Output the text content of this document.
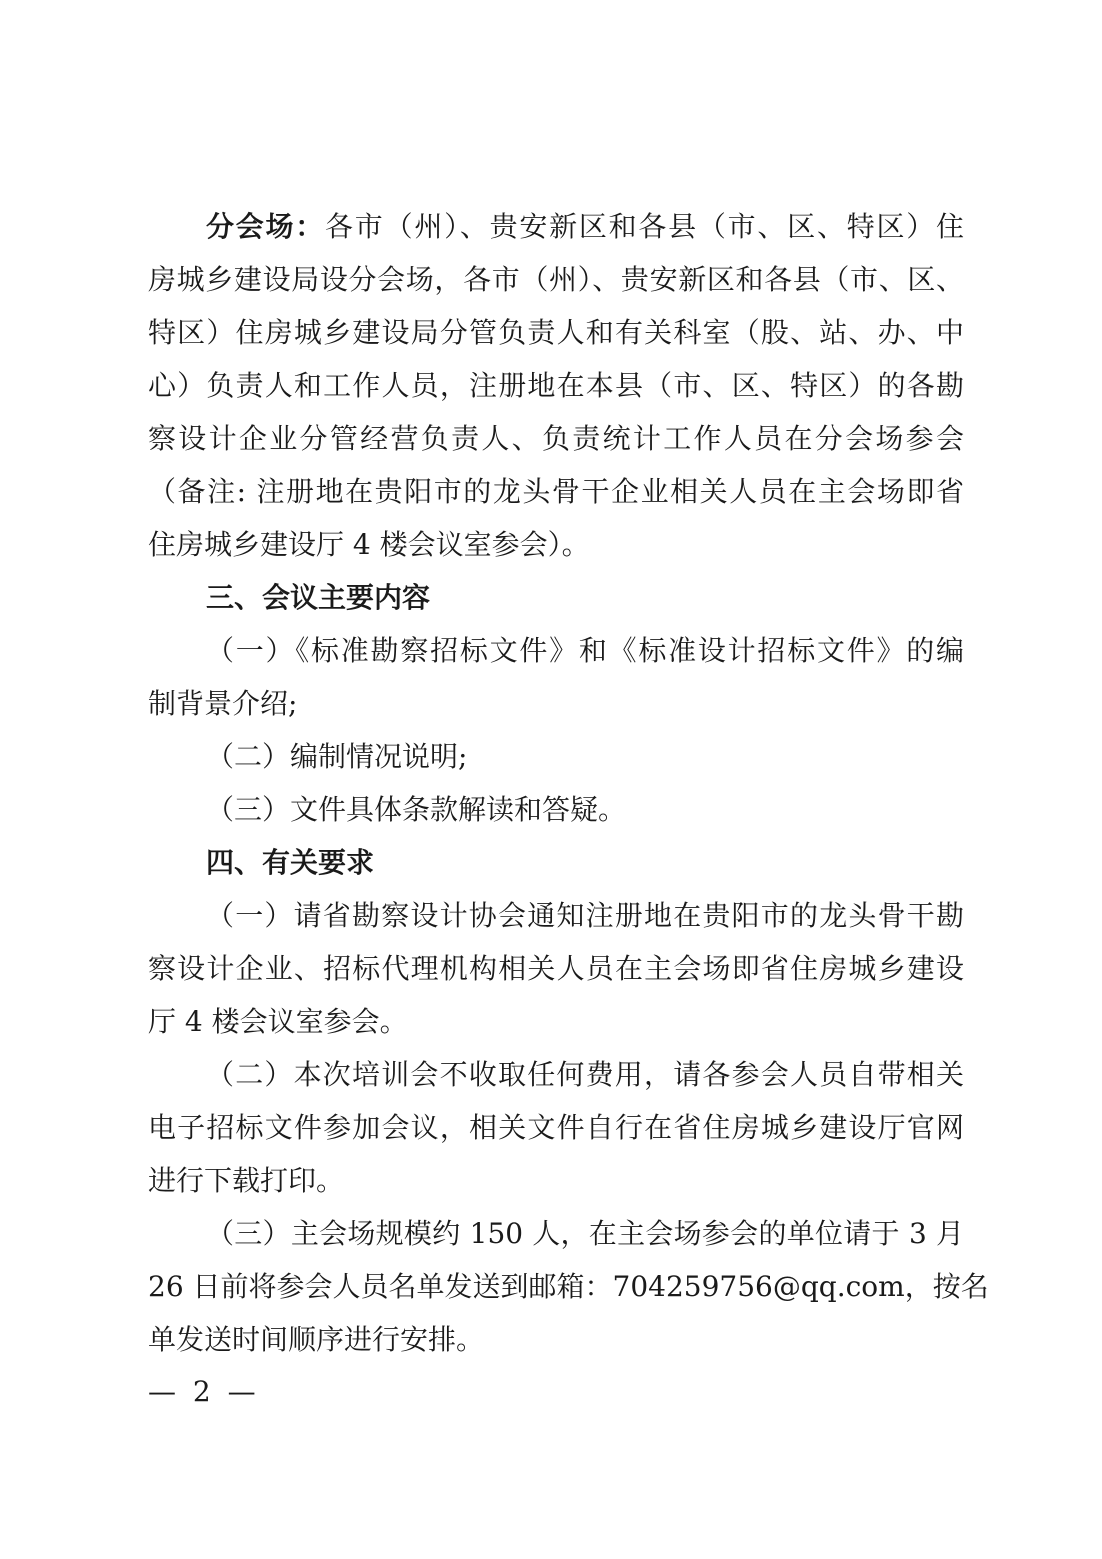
分会场：各市（州）、贵安新区和各县（市、区、特区）住
房城乡建设局设分会场，各市（州）、贵安新区和各县（市、区、
特区）住房城乡建设局分管负责人和有关科室（股、站、办、中
心）负责人和工作人员，注册地在本县（市、区、特区）的各勘
察设计企业分管经营负责人、负责统计工作人员在分会场参会
（备注: 注册地在贵阳市的龙头骨干企业相关人员在主会场即省
住房城乡建设厅 4 楼会议室参会）。

三、会议主要内容

（一）《标准勘察招标文件》和《标准设计招标文件》的编
制背景介绍;

（二）编制情况说明;

（三）文件具体条款解读和答疑。

四、有关要求

（一）请省勘察设计协会通知注册地在贵阳市的龙头骨干勘
察设计企业、招标代理机构相关人员在主会场即省住房城乡建设
厅 4 楼会议室参会。

（二）本次培训会不收取任何费用，请各参会人员自带相关
电子招标文件参加会议，相关文件自行在省住房城乡建设厅官网
进行下载打印。

（三）主会场规模约 150 人，在主会场参会的单位请于 3 月
26 日前将参会人员名单发送到邮箱：704259756@qq.com，按名
单发送时间顺序进行安排。

— 2 —
